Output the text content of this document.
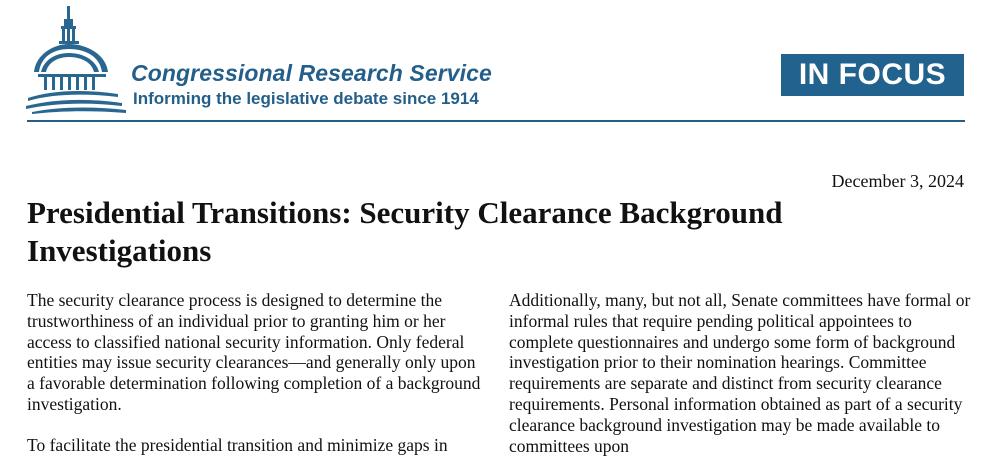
Congressional Research Service

Informing the legislative debate since 1914

IN FOCUS

December 3, 2024

Presidential Transitions: Security Clearance Background Investigations

The security clearance process is designed to determine the trustworthiness of an individual prior to granting him or her access to classified national security information. Only federal entities may issue security clearances—and generally only upon a favorable determination following completion of a background investigation.

To facilitate the presidential transition and minimize gaps in

Additionally, many, but not all, Senate committees have formal or informal rules that require pending political appointees to complete questionnaires and undergo some form of background investigation prior to their nomination hearings. Committee requirements are separate and distinct from security clearance requirements. Personal information obtained as part of a security clearance background investigation may be made available to committees upon
